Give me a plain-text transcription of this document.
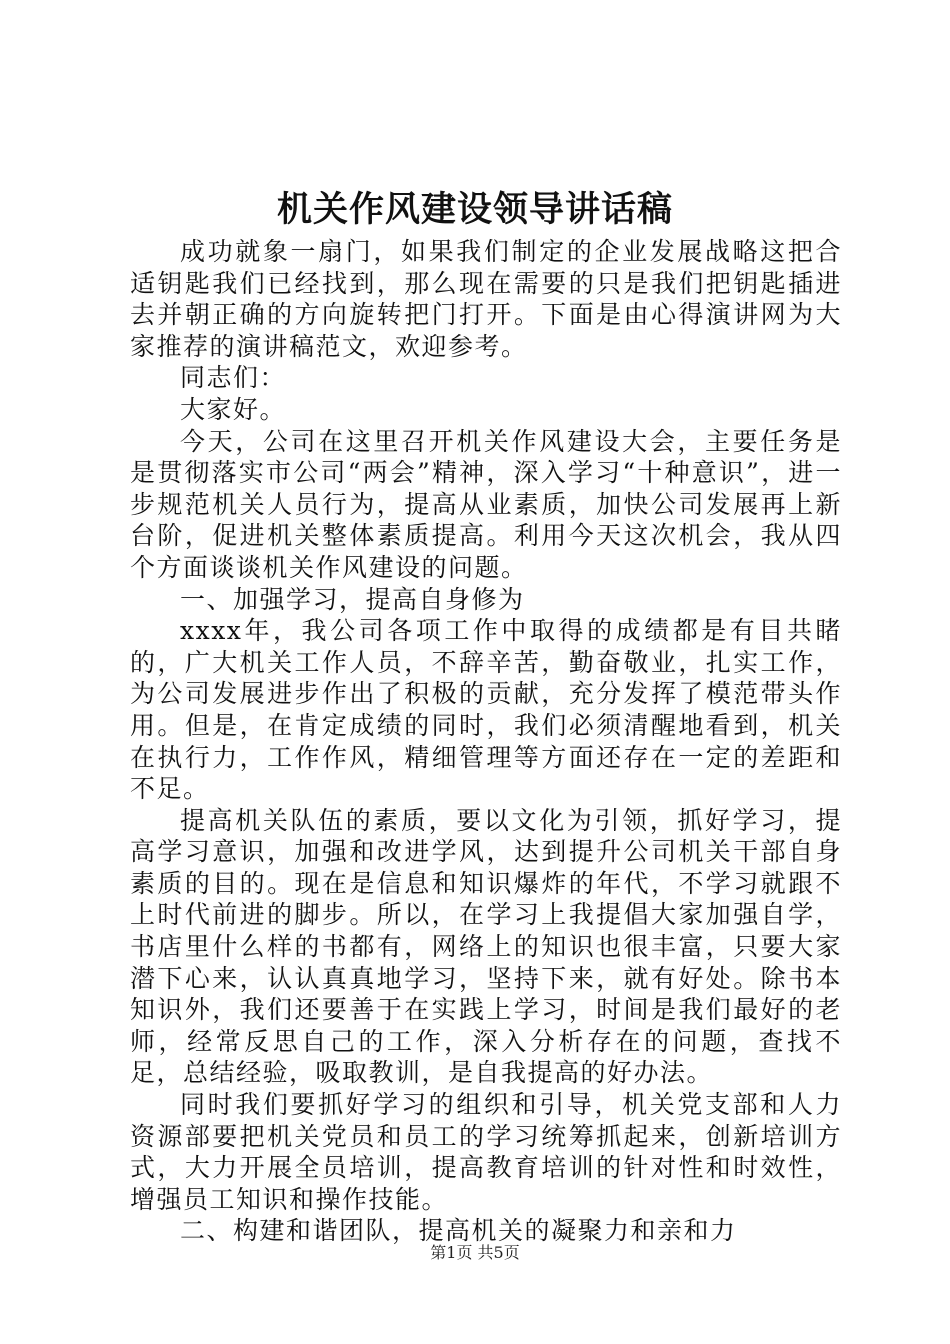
机关作风建设领导讲话稿

成功就象一扇门，如果我们制定的企业发展战略这把合适钥匙我们已经找到，那么现在需要的只是我们把钥匙插进去并朝正确的方向旋转把门打开。下面是由心得演讲网为大家推荐的演讲稿范文，欢迎参考。

同志们：

大家好。

今天，公司在这里召开机关作风建设大会，主要任务是是贯彻落实市公司“两会”精神，深入学习“十种意识”，进一步规范机关人员行为，提高从业素质，加快公司发展再上新台阶，促进机关整体素质提高。利用今天这次机会，我从四个方面谈谈机关作风建设的问题。

一、加强学习，提高自身修为

xxxx年，我公司各项工作中取得的成绩都是有目共睹的，广大机关工作人员，不辞辛苦，勤奋敬业，扎实工作，为公司发展进步作出了积极的贡献，充分发挥了模范带头作用。但是，在肯定成绩的同时，我们必须清醒地看到，机关在执行力，工作作风，精细管理等方面还存在一定的差距和不足。

提高机关队伍的素质，要以文化为引领，抓好学习，提高学习意识，加强和改进学风，达到提升公司机关干部自身素质的目的。现在是信息和知识爆炸的年代，不学习就跟不上时代前进的脚步。所以，在学习上我提倡大家加强自学，书店里什么样的书都有，网络上的知识也很丰富，只要大家潜下心来，认认真真地学习，坚持下来，就有好处。除书本知识外，我们还要善于在实践上学习，时间是我们最好的老师，经常反思自己的工作，深入分析存在的问题，查找不足，总结经验，吸取教训，是自我提高的好办法。

同时我们要抓好学习的组织和引导，机关党支部和人力资源部要把机关党员和员工的学习统筹抓起来，创新培训方式，大力开展全员培训，提高教育培训的针对性和时效性，增强员工知识和操作技能。

二、构建和谐团队，提高机关的凝聚力和亲和力

第1页 共5页
